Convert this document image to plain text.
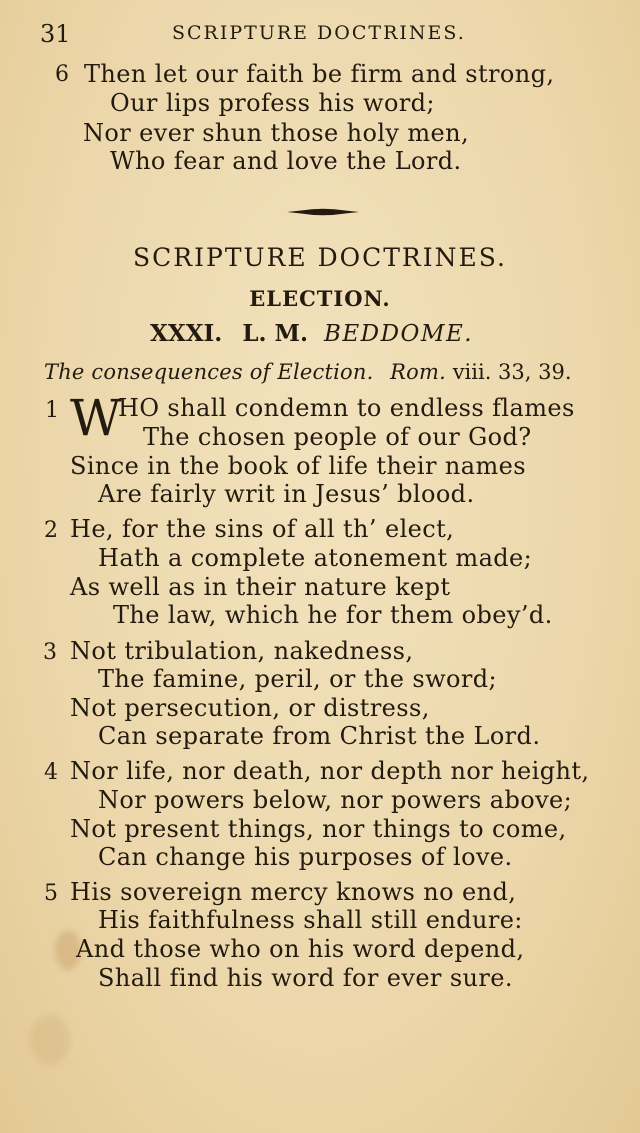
31	SCRIPTURE DOCTRINES.
6 Then let our faith be firm and strong,
Our lips profess his word;
Nor ever shun those holy men,
Who fear and love the Lord.
SCRIPTURE DOCTRINES.
ELECTION.
XXXI. L. M. BEDDOME.
The consequences of Election. Rom. viii. 33, 39.
1 W
HO shall condemn to endless flames
The chosen people of our God?
Since in the book of life their names
Are fairly writ in Jesus’ blood.
2 He, for the sins of all th’ elect,
Hath a complete atonement made;
As well as in their nature kept
The law, which he for them obey’d.
3 Not tribulation, nakedness,
The famine, peril, or the sword;
Not persecution, or distress,
Can separate from Christ the Lord.
4 Nor life, nor death, nor depth nor height,
Nor powers below, nor powers above;
Not present things, nor things to come,
Can change his purposes of love.
5 His sovereign mercy knows no end,
His faithfulness shall still endure:
And those who on his word depend,
Shall find his word for ever sure.
